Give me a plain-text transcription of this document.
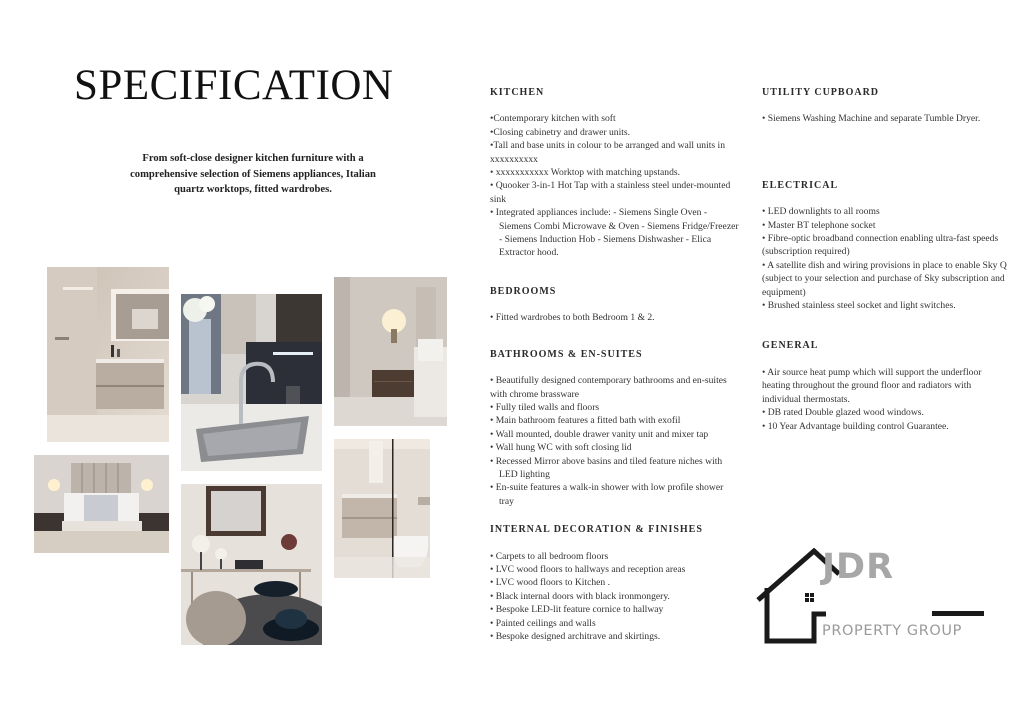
SPECIFICATION
From soft-close designer kitchen furniture with a comprehensive selection of Siemens appliances, Italian quartz worktops, fitted wardrobes.
KITCHEN

•Contemporary kitchen with soft

•Closing cabinetry and drawer units.

•Tall and base units in colour to be arranged and wall units in xxxxxxxxxx

• xxxxxxxxxxx Worktop with matching upstands.

• Quooker 3-in-1 Hot Tap with a stainless steel under-mounted sink

• Integrated appliances include: - Siemens Single Oven - Siemens Combi Microwave & Oven - Siemens Fridge/Freezer - Siemens Induction Hob - Siemens Dishwasher - Elica Extractor hood.

BEDROOMS

• Fitted wardrobes to both Bedroom 1 & 2.

BATHROOMS & EN-SUITES

• Beautifully designed contemporary bathrooms and en-suites with chrome brassware

• Fully tiled walls and floors

• Main bathroom features a fitted bath with exofil

• Wall mounted, double drawer vanity unit and mixer tap

• Wall hung WC with soft closing lid

• Recessed Mirror above basins and tiled feature niches with LED lighting

• En-suite features a walk-in shower with low profile shower tray

INTERNAL DECORATION & FINISHES

• Carpets to all bedroom floors

• LVC wood floors to hallways and reception areas

• LVC wood floors to Kitchen .

• Black internal doors with black ironmongery.

• Bespoke LED-lit feature cornice to hallway

• Painted ceilings and walls

• Bespoke designed architrave and skirtings.

UTILITY CUPBOARD

• Siemens Washing Machine and separate Tumble Dryer.

ELECTRICAL

• LED downlights to all rooms

• Master BT telephone socket

• Fibre-optic broadband connection enabling ultra-fast speeds (subscription required)

• A satellite dish and wiring provisions in place to enable Sky Q (subject to your selection and purchase of Sky subscription and equipment)

• Brushed stainless steel socket and light switches.

GENERAL

• Air source heat pump which will support the underfloor heating throughout the ground floor and radiators with individual thermostats.

• DB rated Double glazed wood windows.

• 10 Year Advantage building control Guarantee.

JDR
PROPERTY GROUP
